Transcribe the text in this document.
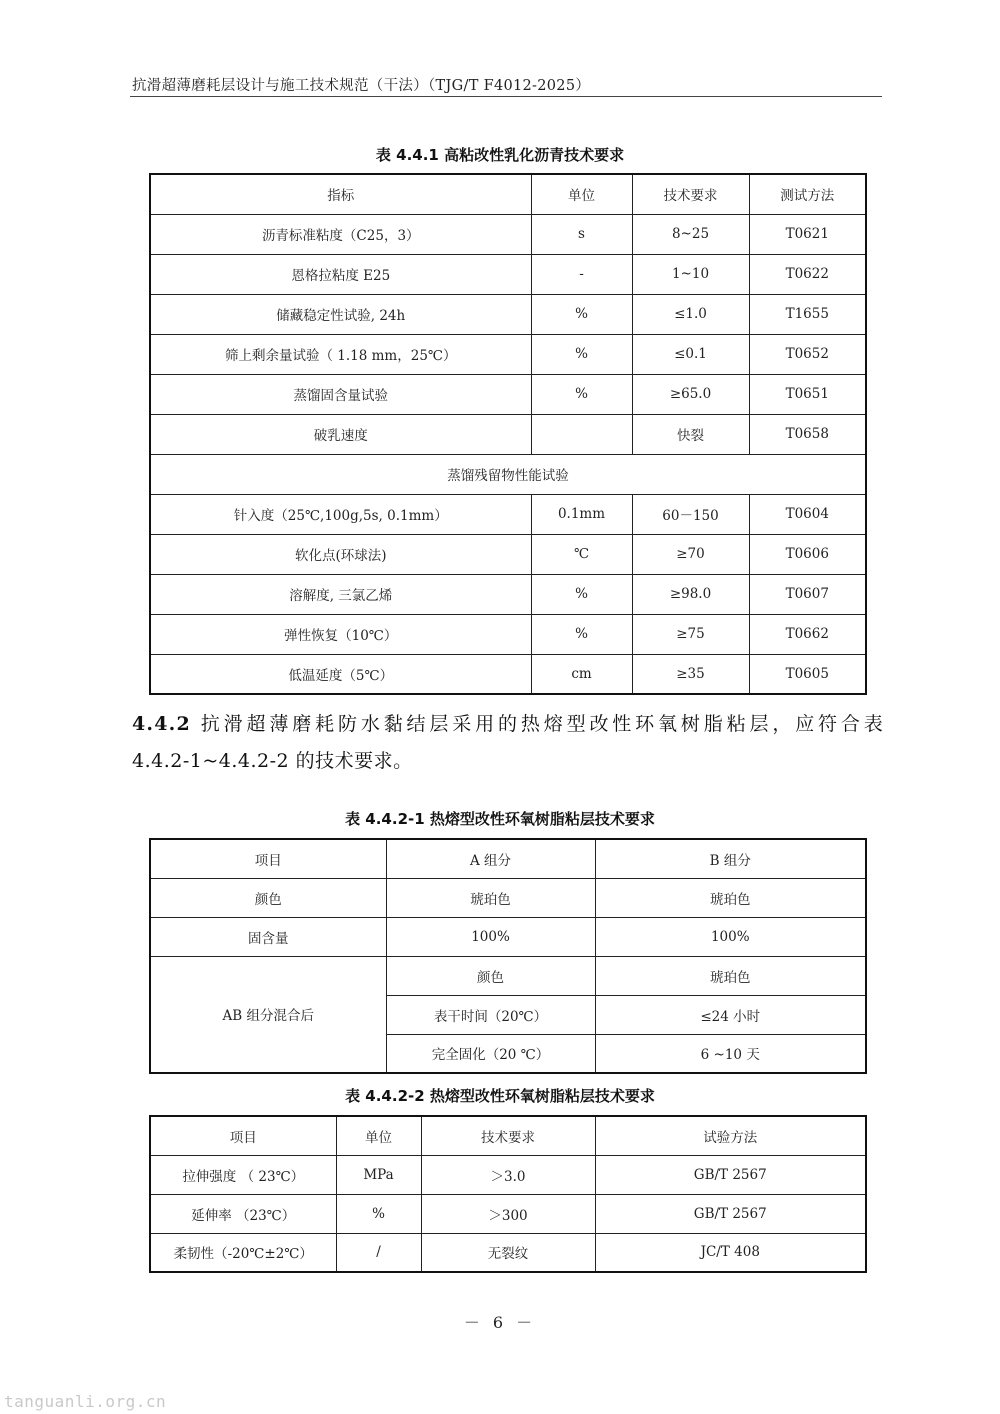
抗滑超薄磨耗层设计与施工技术规范（干法）（TJG/T F4012-2025）
表 4.4.1 高粘改性乳化沥青技术要求
指标	单位	技术要求	测试方法
沥青标准粘度（C25，3）	s	8~25	T0621
恩格拉粘度 E25	-	1~10	T0622
储藏稳定性试验, 24h	%	≤1.0	T1655
筛上剩余量试验（ 1.18 mm，25℃）	%	≤0.1	T0652
蒸馏固含量试验	%	≥65.0	T0651
破乳速度		快裂	T0658
蒸馏残留物性能试验			
针入度（25℃,100g,5s, 0.1mm）	0.1mm	60－150	T0604
软化点(环球法)	℃	≥70	T0606
溶解度, 三氯乙烯	%	≥98.0	T0607
弹性恢复（10℃）	%	≥75	T0662
低温延度（5℃）	cm	≥35	T0605
4.4.2 抗滑超薄磨耗防水黏结层采用的热熔型改性环氧树脂粘层，应符合表
4.4.2-1~4.4.2-2 的技术要求。
表 4.4.2-1 热熔型改性环氧树脂粘层技术要求
项目	A 组分	B 组分
颜色	琥珀色	琥珀色
固含量	100%	100%
AB 组分混合后	颜色	琥珀色
	表干时间（20℃）	≤24 小时
	完全固化（20 ℃）	6 ~10 天
表 4.4.2-2 热熔型改性环氧树脂粘层技术要求
项目	单位	技术要求	试验方法
拉伸强度 （ 23℃）	MPa	＞3.0	GB/T 2567
延伸率 （23℃）	%	＞300	GB/T 2567
柔韧性（-20℃±2℃）	/	无裂纹	JC/T 408
－ 6 －
tanguanli.org.cn
